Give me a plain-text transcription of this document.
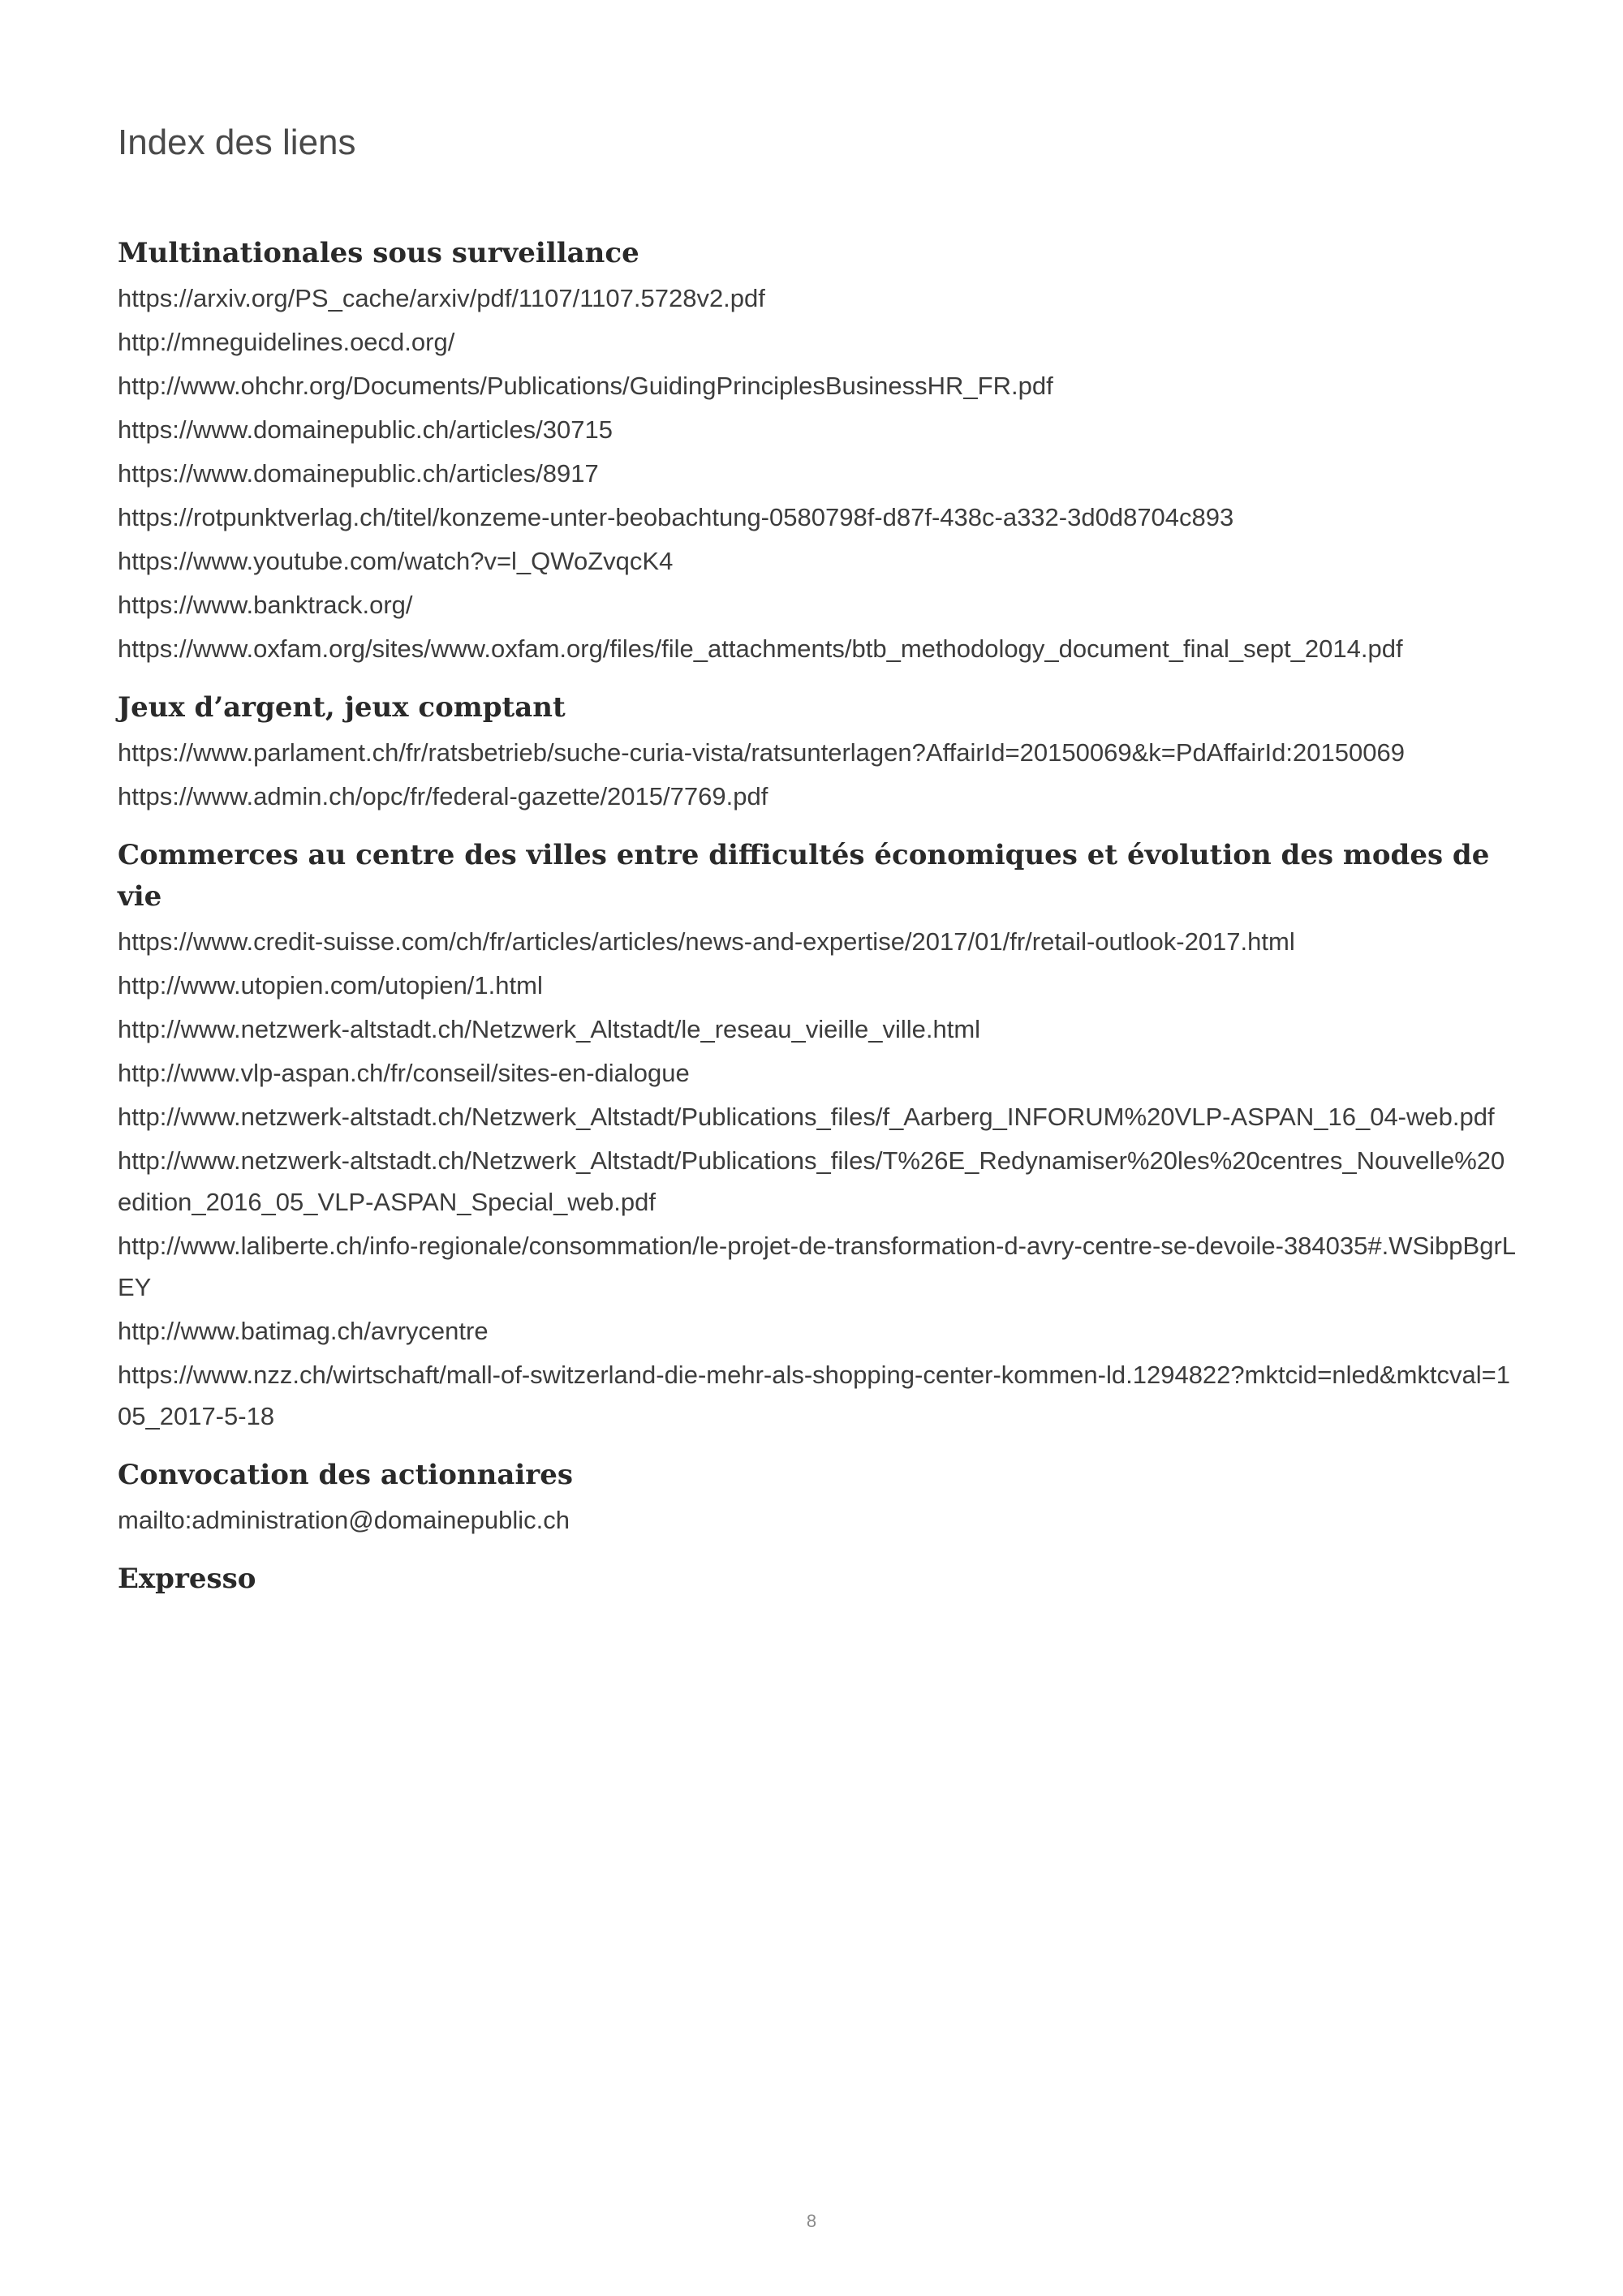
Index des liens
Multinationales sous surveillance
https://arxiv.org/PS_cache/arxiv/pdf/1107/1107.5728v2.pdf
http://mneguidelines.oecd.org/
http://www.ohchr.org/Documents/Publications/GuidingPrinciplesBusinessHR_FR.pdf
https://www.domainepublic.ch/articles/30715
https://www.domainepublic.ch/articles/8917
https://rotpunktverlag.ch/titel/konzeme-unter-beobachtung-0580798f-d87f-438c-a332-3d0d8704c893
https://www.youtube.com/watch?v=l_QWoZvqcK4
https://www.banktrack.org/
https://www.oxfam.org/sites/www.oxfam.org/files/file_attachments/btb_methodology_document_final_sept_2014.pdf
Jeux d’argent, jeux comptant
https://www.parlament.ch/fr/ratsbetrieb/suche-curia-vista/ratsunterlagen?AffairId=20150069&k=PdAffairId:20150069
https://www.admin.ch/opc/fr/federal-gazette/2015/7769.pdf
Commerces au centre des villes entre difficultés économiques et évolution des modes de vie
https://www.credit-suisse.com/ch/fr/articles/articles/news-and-expertise/2017/01/fr/retail-outlook-2017.html
http://www.utopien.com/utopien/1.html
http://www.netzwerk-altstadt.ch/Netzwerk_Altstadt/le_reseau_vieille_ville.html
http://www.vlp-aspan.ch/fr/conseil/sites-en-dialogue
http://www.netzwerk-altstadt.ch/Netzwerk_Altstadt/Publications_files/f_Aarberg_INFORUM%20VLP-ASPAN_16_04-web.pdf
http://www.netzwerk-altstadt.ch/Netzwerk_Altstadt/Publications_files/T%26E_Redynamiser%20les%20centres_Nouvelle%20edition_2016_05_VLP-ASPAN_Special_web.pdf
http://www.laliberte.ch/info-regionale/consommation/le-projet-de-transformation-d-avry-centre-se-devoile-384035#.WSibpBgrLEY
http://www.batimag.ch/avrycentre
https://www.nzz.ch/wirtschaft/mall-of-switzerland-die-mehr-als-shopping-center-kommen-ld.1294822?mktcid=nled&mktcval=105_2017-5-18
Convocation des actionnaires
mailto:administration@domainepublic.ch
Expresso
8
